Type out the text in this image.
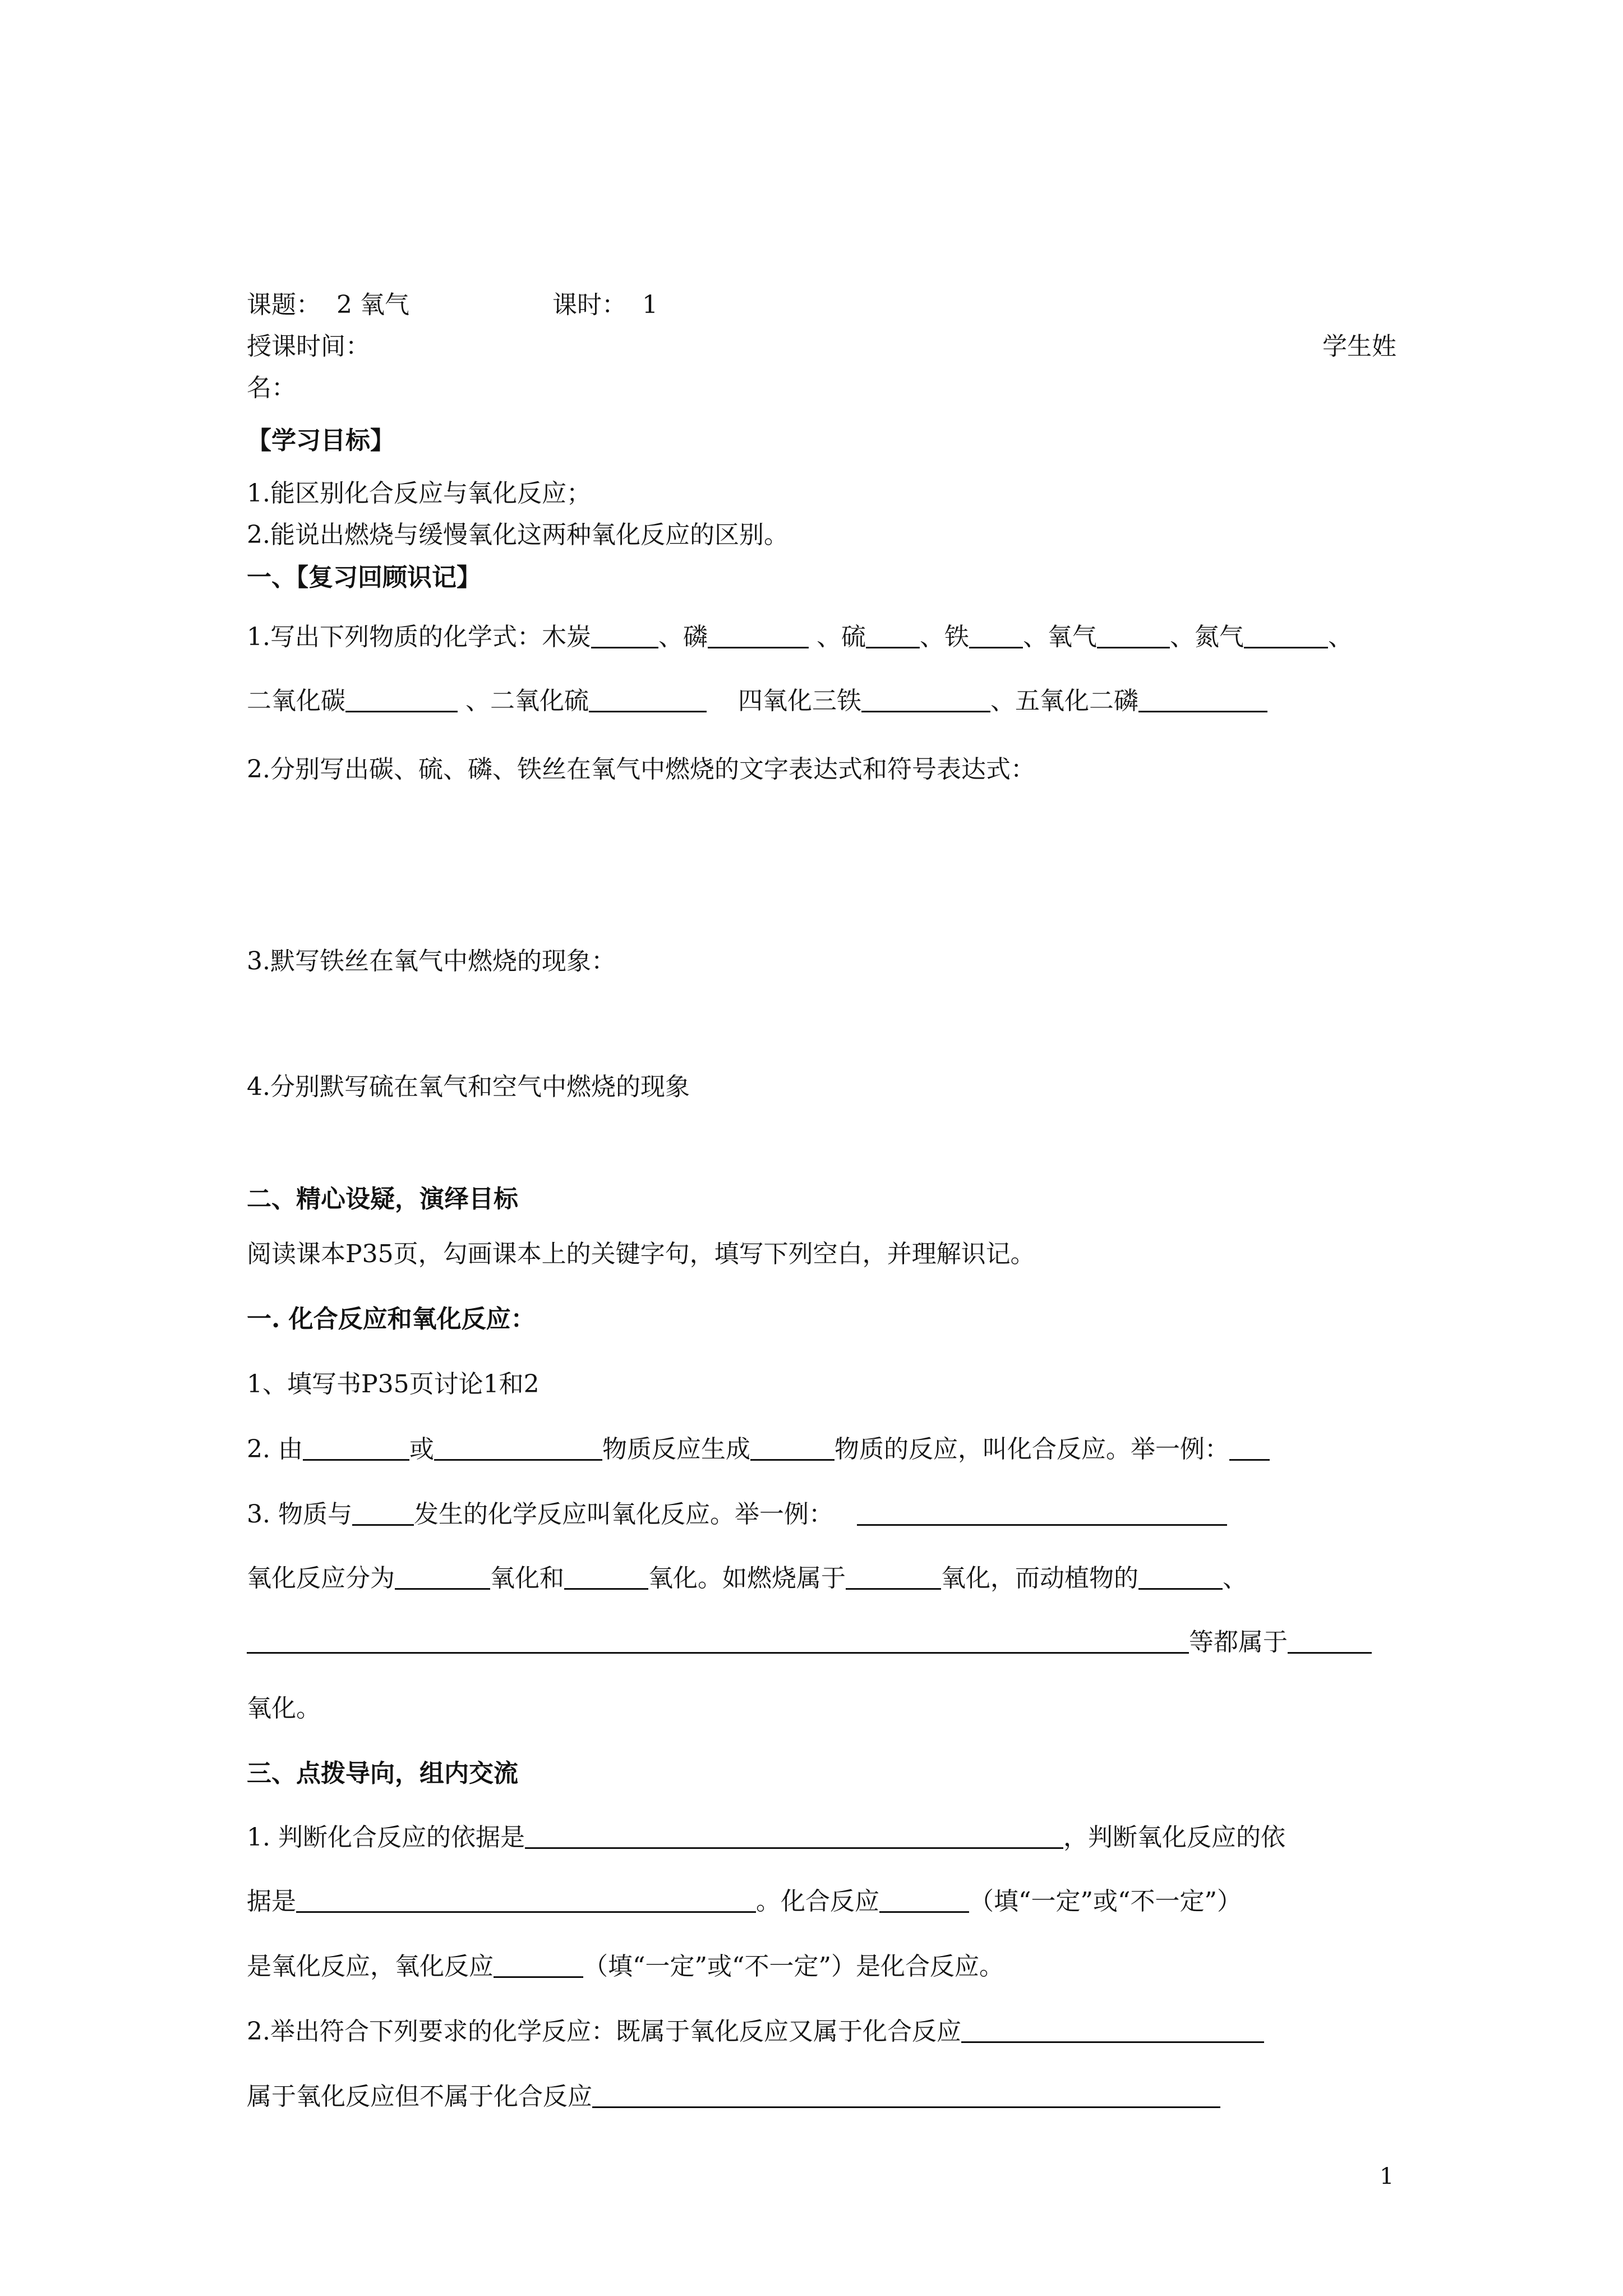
课题： 2 氧气	课时： 1
授课时间：	学生姓
名：
【学习目标】
1.能区别化合反应与氧化反应；
2.能说出燃烧与缓慢氧化这两种氧化反应的区别。
一、【复习回顾识记】
1.写出下列物质的化学式：木炭	、磷	、硫 、铁 、氧气	、氮气	、
二氧化碳	、二氧化硫	四氧化三铁	、五氧化二磷
2.分别写出碳、硫、磷、铁丝在氧气中燃烧的文字表达式和符号表达式：
3.默写铁丝在氧气中燃烧的现象：
4.分别默写硫在氧气和空气中燃烧的现象
二、精心设疑，演绎目标
阅读课本P35页，勾画课本上的关键字句，填写下列空白，并理解识记。
一. 化合反应和氧化反应：
1、填写书P35页讨论1和2
2. 由	或	物质反应生成	物质的反应，叫化合反应。举一例：
3. 物质与	发生的化学反应叫氧化反应。举一例：
氧化反应分为	氧化和	氧化。如燃烧属于	氧化，而动植物的	、
等都属于
氧化。
三、点拨导向，组内交流
1. 判断化合反应的依据是	，判断氧化反应的依
据是	。化合反应	（填“一定”或“不一定”）
是氧化反应，氧化反应	（填“一定”或“不一定”）是化合反应。
2.举出符合下列要求的化学反应：既属于氧化反应又属于化合反应
属于氧化反应但不属于化合反应
1
